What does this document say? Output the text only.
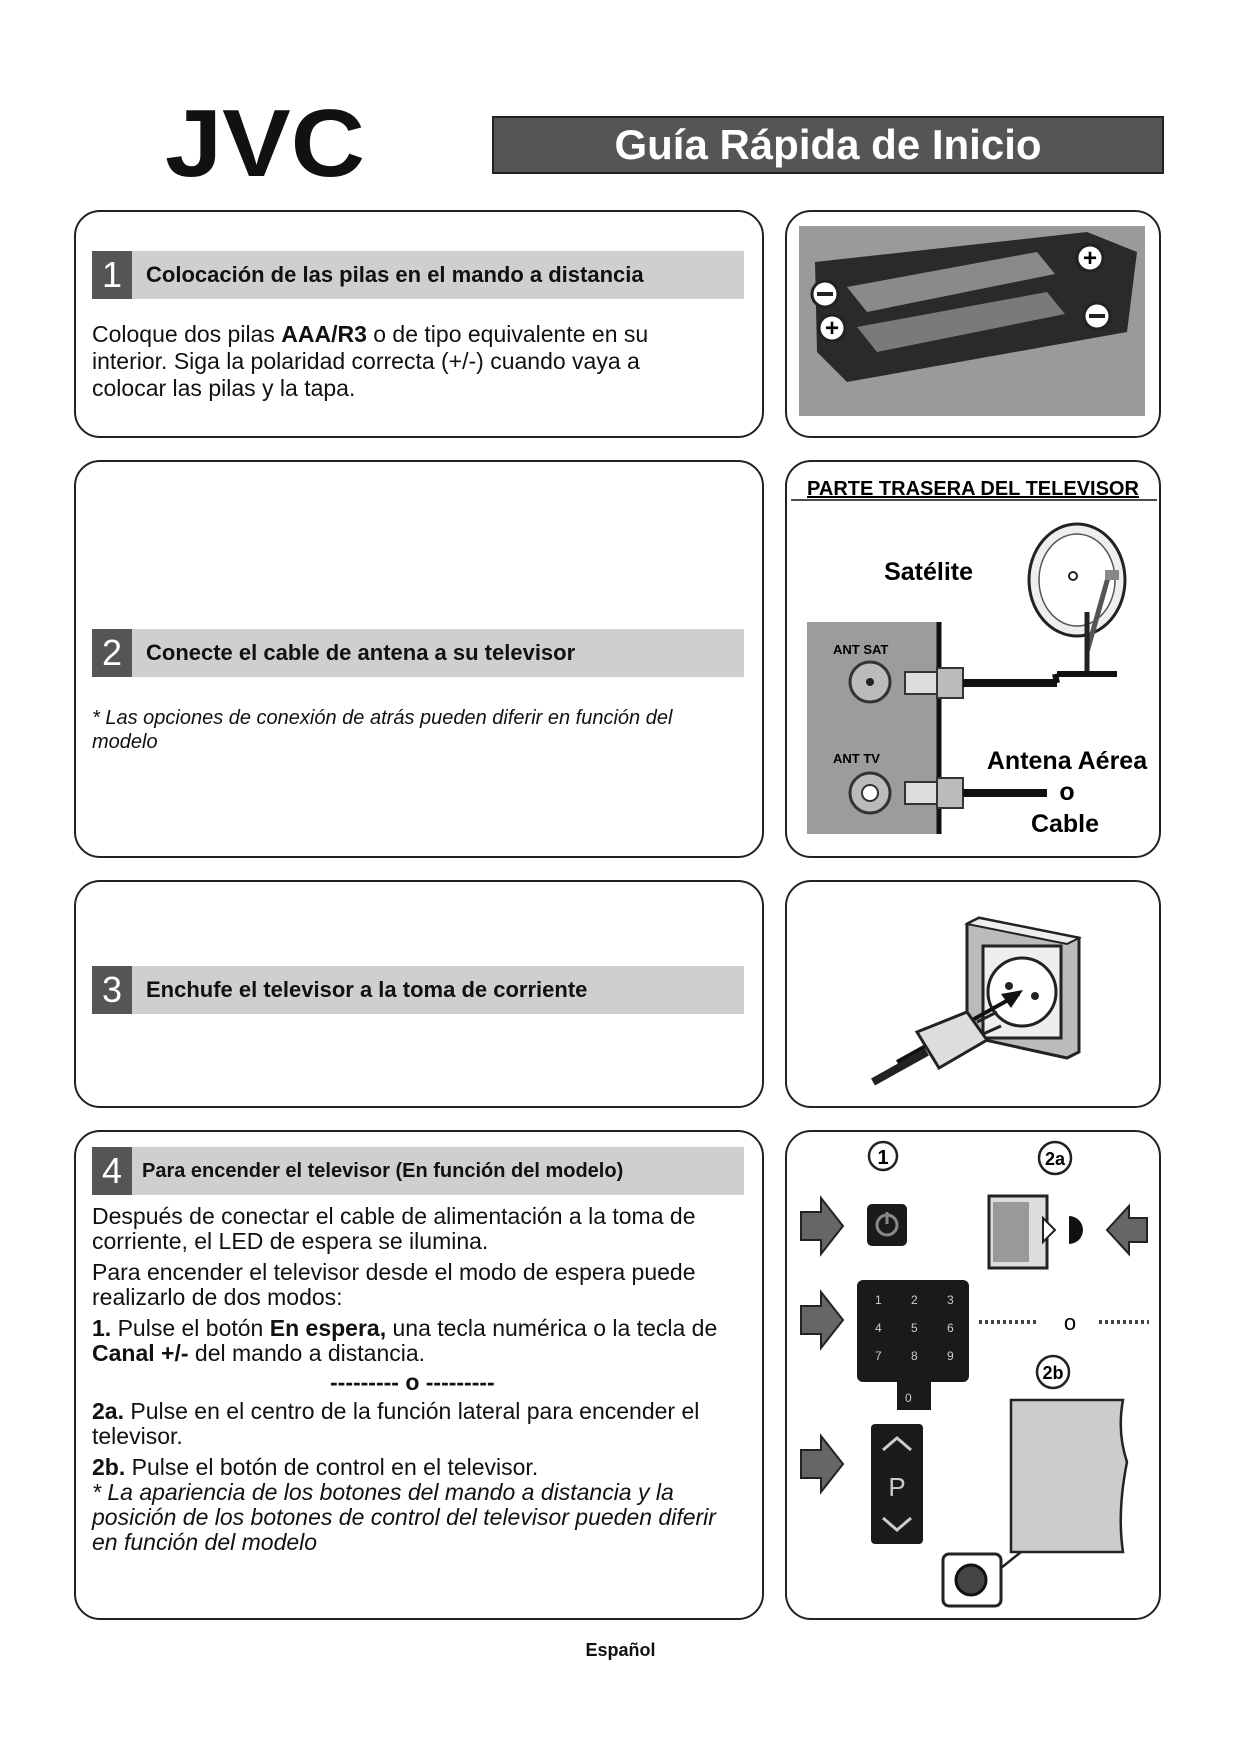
JVC	Guía Rápida de Inicio
1	Colocación de las pilas en el mando a distancia
Coloque dos pilas AAA/R3 o de tipo equivalente en su
interior. Siga la polaridad correcta (+/-) cuando vaya a
colocar las pilas y la tapa.
+
+
2	Conecte el cable de antena a su televisor
* Las opciones de conexión de atrás pueden diferir en función del
modelo
PARTE TRASERA DEL TELEVISOR
Satélite
ANT SAT
ANT TV	Antena Aérea
o
Cable
3	Enchufe el televisor a la toma de corriente
4 Para encender el televisor (En función del modelo)
Después de conectar el cable de alimentación a la toma de
corriente, el LED de espera se ilumina.
Para encender el televisor desde el modo de espera puede
realizarlo de dos modos:
1. Pulse el botón En espera, una tecla numérica o la tecla de
Canal +/- del mando a distancia.
--------- o ---------
2a. Pulse en el centro de la función lateral para encender el
televisor.
2b. Pulse el botón de control en el televisor.
* La apariencia de los botones del mando a distancia y la
posición de los botones de control del televisor pueden diferir
en función del modelo
1	2a
1 2 3
4 5 6
7 8 9
0
o
2b
P
Español
